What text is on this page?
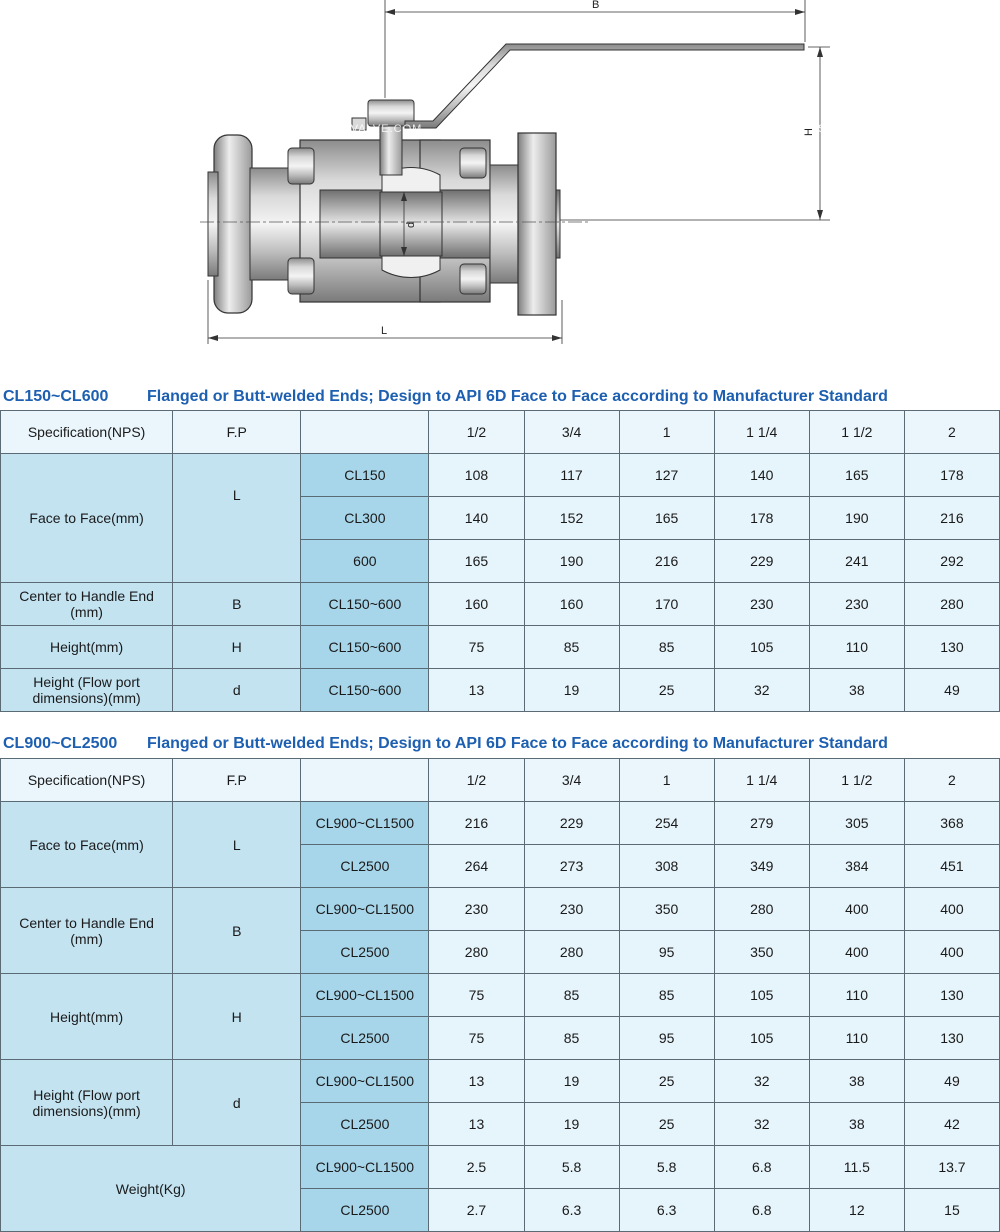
B
H
L
d
SFANVALVE.COM	SFANVALVE.COM	SFANVALVE.COM	SFANVALVE.COM
CL150~CL600 Flanged or Butt-welded Ends; Design to API 6D Face to Face according to Manufacturer Standard
Specification(NPS)	F.P		1/2	3/4	1	1 1/4	1 1/2	2
Face to Face(mm)	L	CL150	108	117	127	140	165	178
		CL300	140	152	165	178	190	216
		600	165	190	216	229	241	292
Center to Handle End (mm)	B	CL150~600	160	160	170	230	230	280
Height(mm)	H	CL150~600	75	85	85	105	110	130
Height (Flow port dimensions)(mm)	d	CL150~600	13	19	25	32	38	49
CL900~CL2500 Flanged or Butt-welded Ends; Design to API 6D Face to Face according to Manufacturer Standard
Specification(NPS)	F.P		1/2	3/4	1	1 1/4	1 1/2	2
Face to Face(mm)	L	CL900~CL1500	216	229	254	279	305	368
		CL2500	264	273	308	349	384	451
Center to Handle End (mm)	B	CL900~CL1500	230	230	350	280	400	400
		CL2500	280	280	95	350	400	400
Height(mm)	H	CL900~CL1500	75	85	85	105	110	130
		CL2500	75	85	95	105	110	130
Height (Flow port dimensions)(mm)	d	CL900~CL1500	13	19	25	32	38	49
		CL2500	13	19	25	32	38	42
Weight(Kg)		CL900~CL1500	2.5	5.8	5.8	6.8	11.5	13.7
		CL2500	2.7	6.3	6.3	6.8	12	15
